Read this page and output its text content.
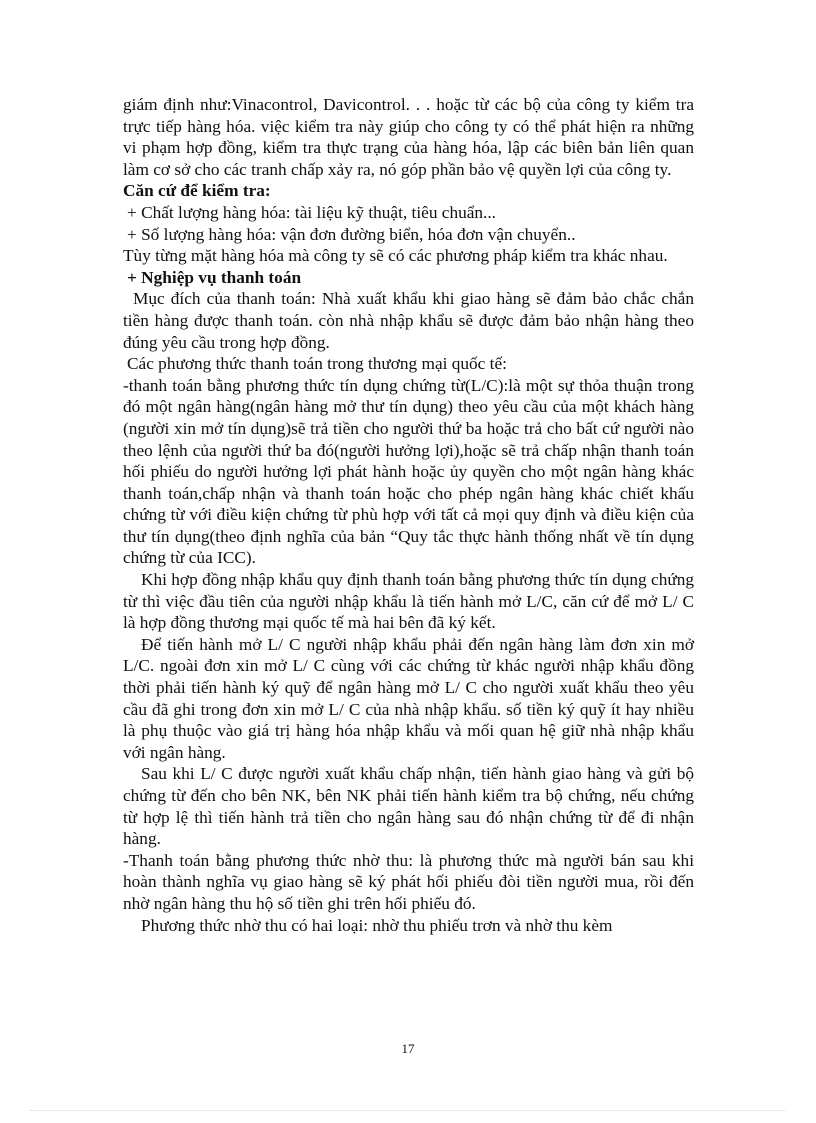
giám định như:Vinacontrol, Davicontrol. . . hoặc từ các bộ của công ty kiểm tra trực tiếp hàng hóa. việc kiểm tra này giúp cho công ty có thể phát hiện ra những vi phạm hợp đồng, kiểm tra thực trạng của hàng hóa, lập các biên bản liên quan làm cơ sở cho các tranh chấp xảy ra, nó góp phần bảo vệ quyền lợi của công ty.

Căn cứ để kiểm tra:

+ Chất lượng hàng hóa: tài liệu kỹ thuật, tiêu chuẩn...

+ Số lượng hàng hóa: vận đơn đường biển, hóa đơn vận chuyển..

Tùy từng mặt hàng hóa mà công ty sẽ có các phương pháp kiểm tra khác nhau.

+ Nghiệp vụ thanh toán

Mục đích của thanh toán: Nhà xuất khẩu khi giao hàng sẽ đảm bảo chắc chắn tiền hàng được thanh toán. còn nhà nhập khẩu sẽ được đảm bảo nhận hàng theo đúng yêu cầu trong hợp đồng.

Các phương thức thanh toán trong thương mại quốc tế:

-thanh toán bằng phương thức tín dụng chứng từ(L/C):là một sự thỏa thuận trong đó một ngân hàng(ngân hàng mở thư tín dụng) theo yêu cầu của một khách hàng (người xin mở tín dụng)sẽ trả tiền cho người thứ ba hoặc trả cho bất cứ người nào theo lệnh của người thứ ba đó(người hưởng lợi),hoặc sẽ trả chấp nhận thanh toán hối phiếu do người hưởng lợi phát hành hoặc ủy quyền cho một ngân hàng khác thanh toán,chấp nhận và thanh toán hoặc cho phép ngân hàng khác chiết khấu chứng từ với điều kiện chứng từ phù hợp với tất cả mọi quy định và điều kiện của thư tín dụng(theo định nghĩa của bản “Quy tắc thực hành thống nhất về tín dụng chứng từ của ICC).

Khi hợp đồng nhập khẩu quy định thanh toán bằng phương thức tín dụng chứng từ thì việc đầu tiên của người nhập khẩu là tiến hành mở L/C, căn cứ để mở L/ C là hợp đồng thương mại quốc tế mà hai bên đã ký kết.

Để tiến hành mở L/ C người nhập khẩu phải đến ngân hàng làm đơn xin mở L/C. ngoài đơn xin mở L/ C cùng với các chứng từ khác người nhập khẩu đồng thời phải tiến hành ký quỹ để ngân hàng mở L/ C cho người xuất khẩu theo yêu cầu đã ghi trong đơn xin mở L/ C của nhà nhập khẩu. số tiền ký quỹ ít hay nhiều là phụ thuộc vào giá trị hàng hóa nhập khẩu và mối quan hệ giữ nhà nhập khẩu với ngân hàng.

Sau khi L/ C được người xuất khẩu chấp nhận, tiến hành giao hàng và gửi bộ chứng từ đến cho bên NK, bên NK phải tiến hành kiểm tra bộ chứng, nếu chứng từ hợp lệ thì tiến hành trả tiền cho ngân hàng sau đó nhận chứng từ để đi nhận hàng.

-Thanh toán bằng phương thức nhờ thu: là phương thức mà người bán sau khi hoàn thành nghĩa vụ giao hàng sẽ ký phát hối phiếu đòi tiền người mua, rồi đến nhờ ngân hàng thu hộ số tiền ghi trên hối phiếu đó.

Phương thức nhờ thu có hai loại: nhờ thu phiếu trơn và nhờ thu kèm

17
